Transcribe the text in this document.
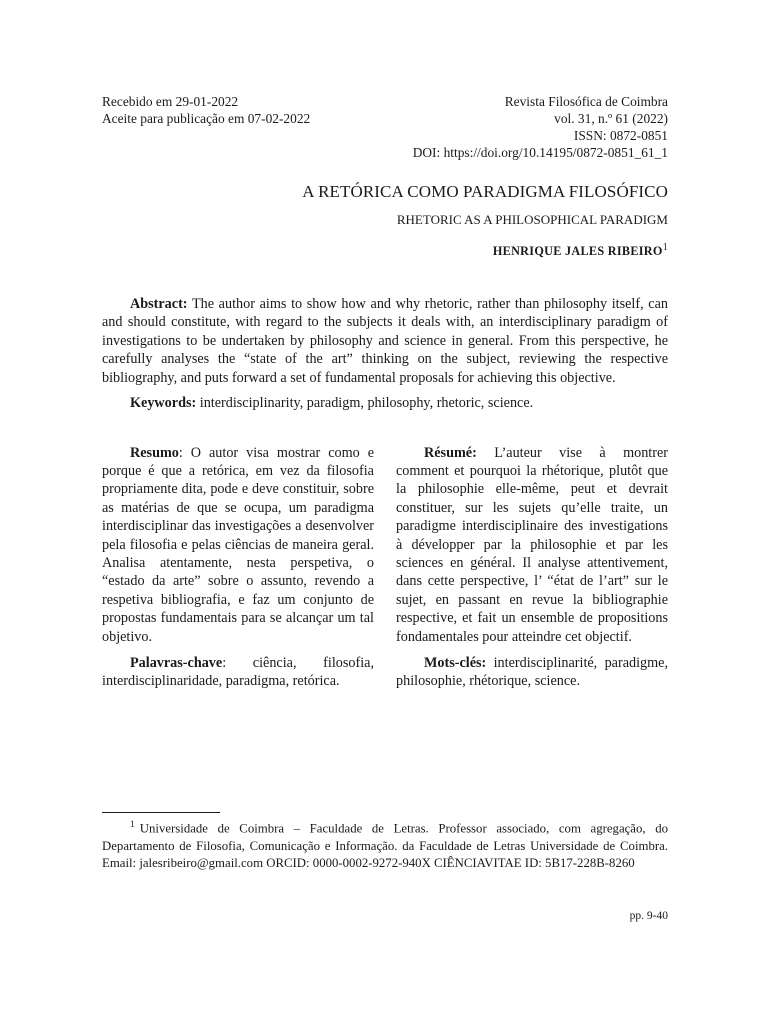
Recebido em 29-01-2022
Aceite para publicação em 07-02-2022
Revista Filosófica de Coimbra
vol. 31, n.º 61 (2022)
ISSN: 0872-0851
DOI: https://doi.org/10.14195/0872-0851_61_1
A RETÓRICA COMO PARADIGMA FILOSÓFICO
RHETORIC AS A PHILOSOPHICAL PARADIGM
HENRIQUE JALES RIBEIRO$^1$
Abstract: The author aims to show how and why rhetoric, rather than philosophy itself, can and should constitute, with regard to the subjects it deals with, an interdisciplinary paradigm of investigations to be undertaken by philosophy and science in general. From this perspective, he carefully analyses the “state of the art” thinking on the subject, reviewing the respective bibliography, and puts forward a set of fundamental proposals for achieving this objective.
Keywords: interdisciplinarity, paradigm, philosophy, rhetoric, science.

Resumo: O autor visa mostrar como e porque é que a retórica, em vez da filosofia propriamente dita, pode e deve constituir, sobre as matérias de que se ocupa, um paradigma interdisciplinar das investigações a desenvolver pela filosofia e pelas ciências de maneira geral. Analisa atentamente, nesta perspetiva, o “estado da arte” sobre o assunto, revendo a respetiva bibliografia, e faz um conjunto de propostas fundamentais para se alcançar um tal objetivo.

Palavras-chave: ciência, filosofia, interdisciplinaridade, paradigma, retórica.

Résumé: L’auteur vise à montrer comment et pourquoi la rhétorique, plutôt que la philosophie elle-même, peut et devrait constituer, sur les sujets qu’elle traite, un paradigme interdisciplinaire des investigations à développer par la philosophie et par les sciences en général. Il analyse attentivement, dans cette perspective, l’ “état de l’art” sur le sujet, en passant en revue la bibliographie respective, et fait un ensemble de propositions fondamentales pour atteindre cet objectif.

Mots-clés: interdisciplinarité, paradigme, philosophie, rhétorique, science.

$^1$ Universidade de Coimbra – Faculdade de Letras. Professor associado, com agregação, do Departamento de Filosofia, Comunicação e Informação. da Faculdade de Letras Universidade de Coimbra. Email: jalesribeiro@gmail.com ORCID: 0000-0002-9272-940X CIÊNCIAVITAE ID: 5B17-228B-8260
pp. 9-40
